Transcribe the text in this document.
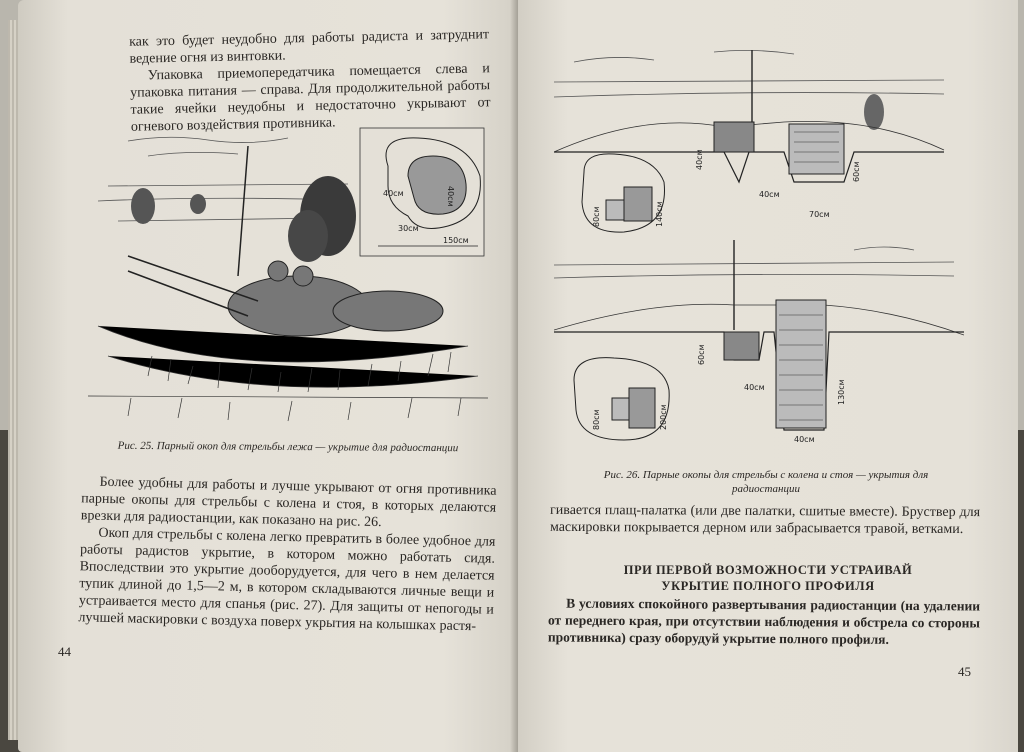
как это будет неудобно для работы радиста и затруднит ведение огня из винтовки.

Упаковка приемопередатчика помещается слева и упаковка питания — справа. Для продолжительной работы такие ячейки неудобны и недостаточно укрывают от огневого воздействия противника.

40см
30см
150см
40см
Рис. 25. Парный окоп для стрельбы лежа — укрытие для радиостанции

Более удобны для работы и лучше укрывают от огня противника парные окопы для стрельбы с колена и стоя, в которых делаются врезки для радиостанции, как показано на рис. 26.

Окоп для стрельбы с колена легко превратить в более удобное для работы радистов укрытие, в котором можно работать сидя. Впоследствии это укрытие дооборудуется, для чего в нем делается тупик длиной до 1,5—2 м, в котором складываются личные вещи и устраивается место для спанья (рис. 27). Для защиты от непогоды и лучшей маскировки с воздуха поверх укрытия на колышках растя-

44
40см
40см
70см
60см
80см	140см
60см
40см	130см
40см
80см	200см
Рис. 26. Парные окопы для стрельбы с колена и стоя — укрытия для радиостанции

гивается плащ-палатка (или две палатки, сшитые вместе). Бруствер для маскировки покрывается дерном или забрасывается травой, ветками.

ПРИ ПЕРВОЙ ВОЗМОЖНОСТИ УСТРАИВАЙ УКРЫТИЕ ПОЛНОГО ПРОФИЛЯ
В условиях спокойного развертывания радиостанции (на удалении от переднего края, при отсутствии наблюдения и обстрела со стороны противника) сразу оборудуй укрытие полного профиля.
45
